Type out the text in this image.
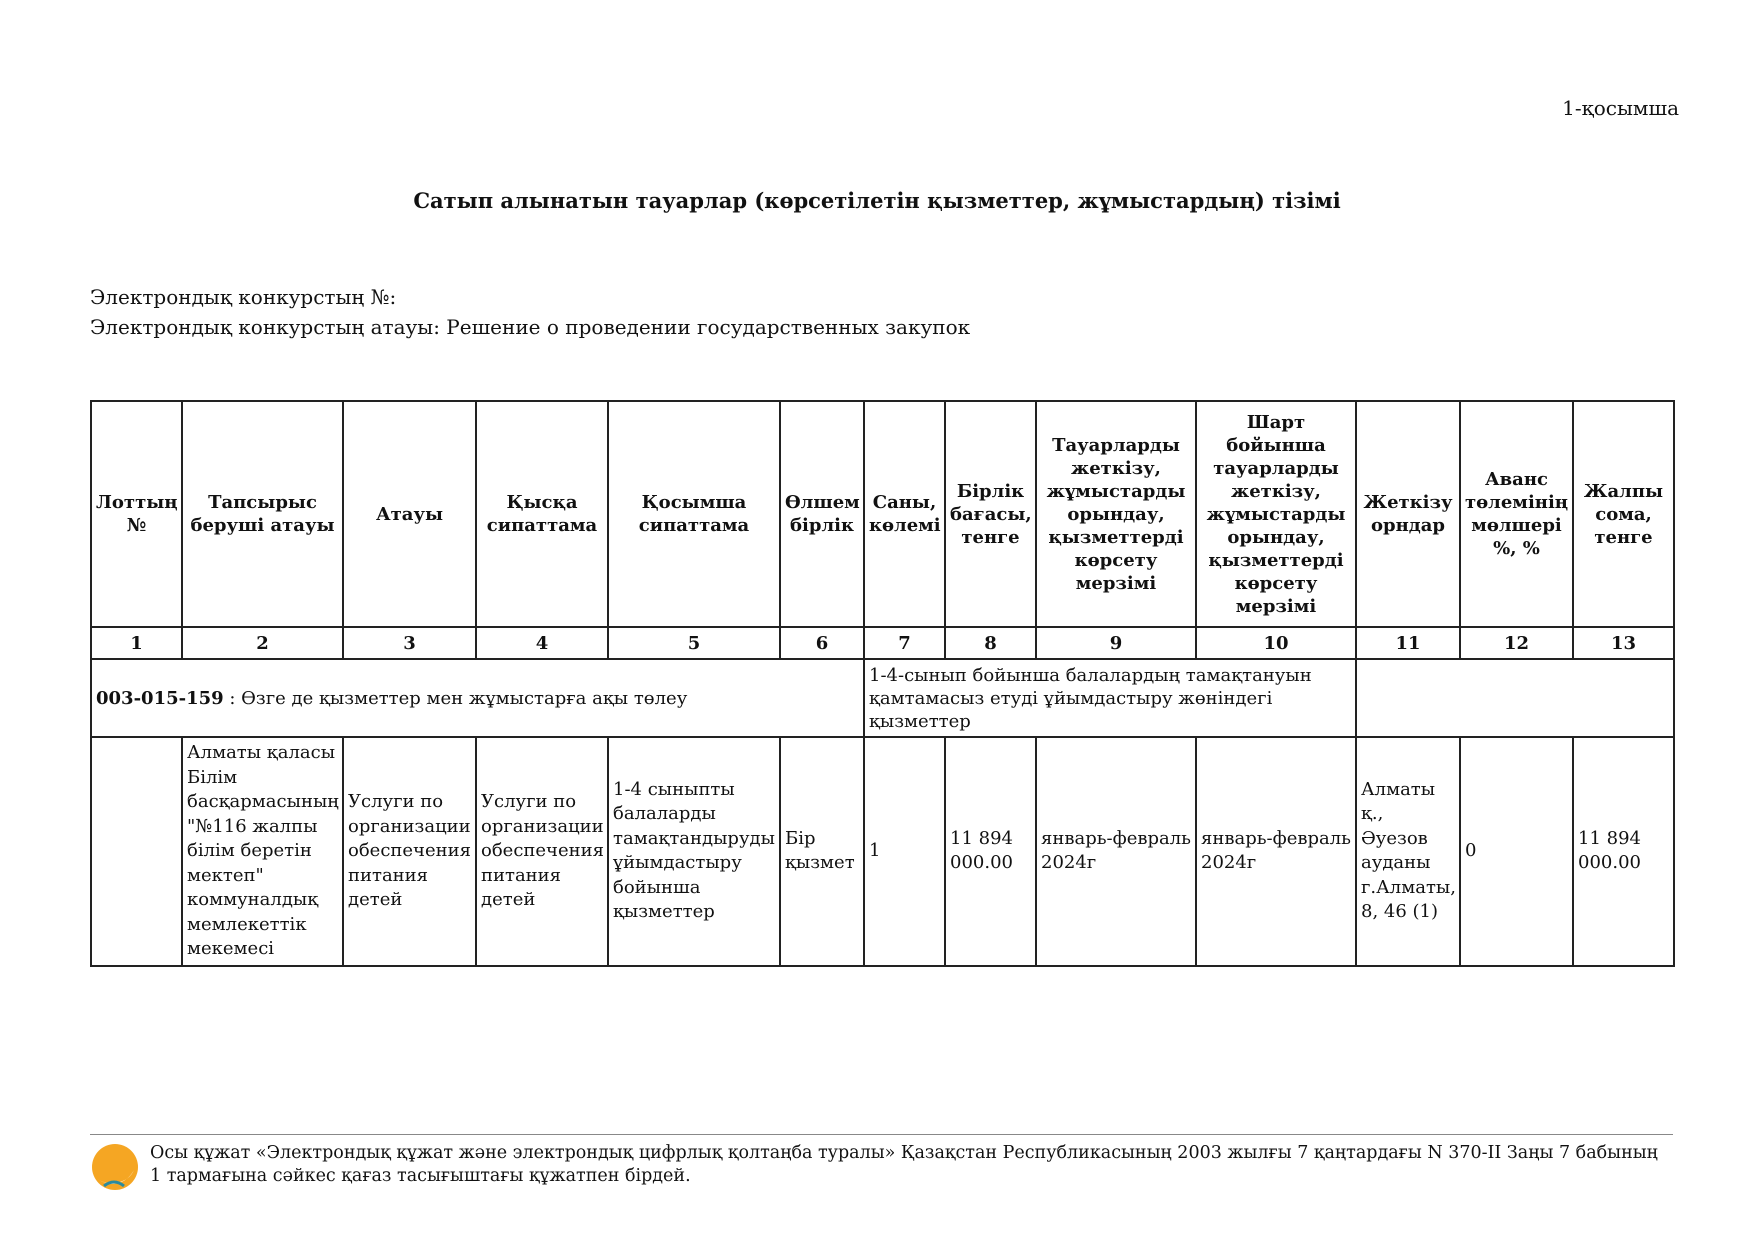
1-қосымша
Сатып алынатын тауарлар (көрсетілетін қызметтер, жұмыстардың) тізімі
Электрондық конкурстың №:
Электрондық конкурстың атауы: Решение о проведении государственных закупок
Лоттың №	Тапсырыс беруші атауы	Атауы	Қысқа сипаттама	Қосымша сипаттама	Өлшем бірлік	Саны, көлемі	Бірлік бағасы, тенге	Тауарларды жеткізу, жұмыстарды орындау, қызметтерді көрсету мерзімі	Шарт бойынша тауарларды жеткізу, жұмыстарды орындау, қызметтерді көрсету мерзімі	Жеткізу орндар	Аванс төлемінің мөлшері %, %	Жалпы сома, тенге
1	2	3	4	5	6	7	8	9	10	11	12	13
003-015-159 : Өзге де қызметтер мен жұмыстарға ақы төлеу						1-4-сынып бойынша балалардың тамақтануын қамтамасыз етуді ұйымдастыру жөніндегі қызметтер						
	Алматы қаласы Білім басқармасының "№116 жалпы білім беретін мектеп" коммуналдық мемлекеттік мекемесі	Услуги по организации обеспечения питания детей	Услуги по организации обеспечения питания детей	1-4 сыныпты балаларды тамақтандыруды ұйымдастыру бойынша қызметтер	Бір қызмет	1	11 894 000.00	январь-февраль 2024г	январь-февраль 2024г	Алматы қ., Әуезов ауданы г.Алматы, 8, 46 (1)	0	11 894 000.00
Осы құжат «Электрондық құжат және электрондық цифрлық қолтаңба туралы» Қазақстан Республикасының 2003 жылғы 7 қаңтардағы N 370-II Заңы 7 бабының 1 тармағына сәйкес қағаз тасығыштағы құжатпен бірдей.
